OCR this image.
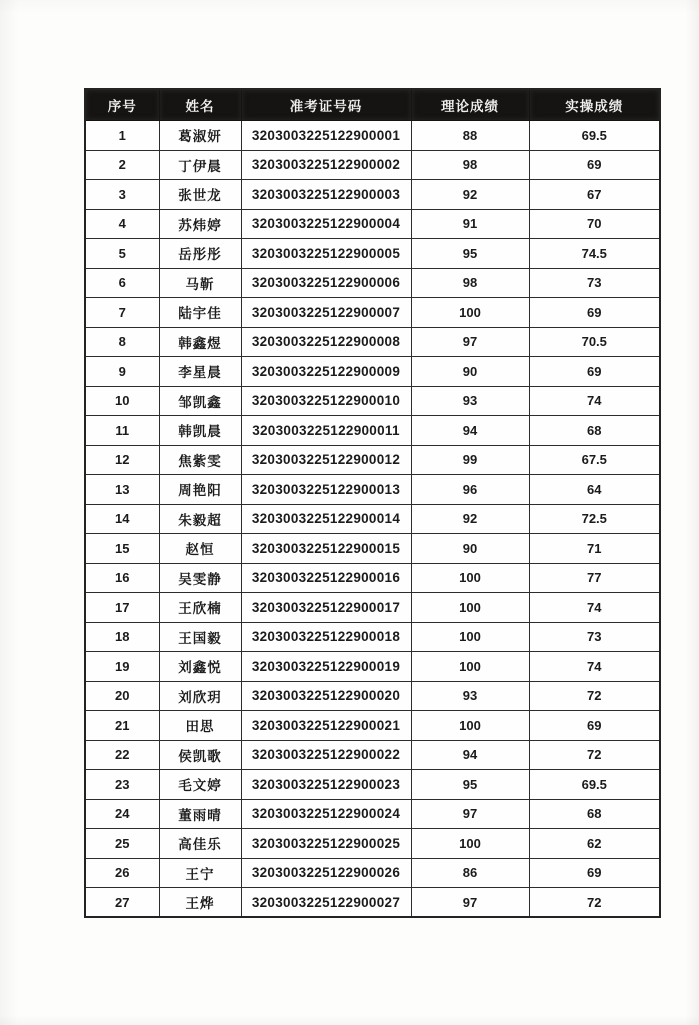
序号	姓名	准考证号码	理论成绩	实操成绩
1	葛淑妍	3203003225122900001	88	69.5
2	丁伊晨	3203003225122900002	98	69
3	张世龙	3203003225122900003	92	67
4	苏炜婷	3203003225122900004	91	70
5	岳彤彤	3203003225122900005	95	74.5
6	马靳	3203003225122900006	98	73
7	陆宇佳	3203003225122900007	100	69
8	韩鑫煜	3203003225122900008	97	70.5
9	李星晨	3203003225122900009	90	69
10	邹凯鑫	3203003225122900010	93	74
11	韩凯晨	3203003225122900011	94	68
12	焦紫雯	3203003225122900012	99	67.5
13	周艳阳	3203003225122900013	96	64
14	朱毅超	3203003225122900014	92	72.5
15	赵恒	3203003225122900015	90	71
16	吴雯静	3203003225122900016	100	77
17	王欣楠	3203003225122900017	100	74
18	王国毅	3203003225122900018	100	73
19	刘鑫悦	3203003225122900019	100	74
20	刘欣玥	3203003225122900020	93	72
21	田思	3203003225122900021	100	69
22	侯凯歌	3203003225122900022	94	72
23	毛文婷	3203003225122900023	95	69.5
24	董雨晴	3203003225122900024	97	68
25	高佳乐	3203003225122900025	100	62
26	王宁	3203003225122900026	86	69
27	王烨	3203003225122900027	97	72
